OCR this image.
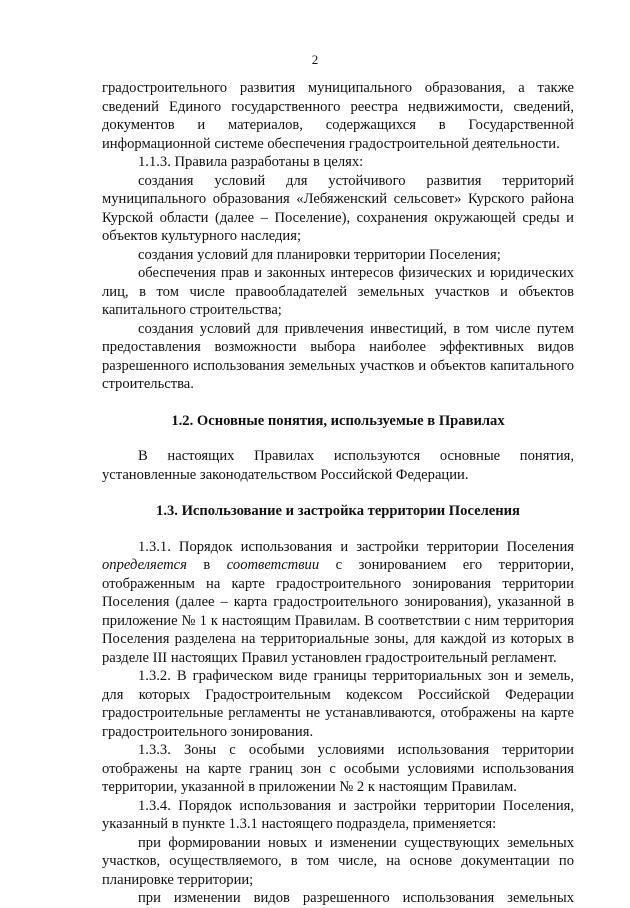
2

градостроительного развития муниципального образования, а также сведений Единого государственного реестра недвижимости, сведений, документов и материалов, содержащихся в Государственной информационной системе обеспечения градостроительной деятельности.

1.1.3. Правила разработаны в целях:

создания условий для устойчивого развития территорий муниципального образования «Лебяженский сельсовет» Курского района Курской области (далее – Поселение), сохранения окружающей среды и объектов культурного наследия;

создания условий для планировки территории Поселения;

обеспечения прав и законных интересов физических и юридических лиц, в том числе правообладателей земельных участков и объектов капитального строительства;

создания условий для привлечения инвестиций, в том числе путем предоставления возможности выбора наиболее эффективных видов разрешенного использования земельных участков и объектов капитального строительства.

1.2. Основные понятия, используемые в Правилах

В настоящих Правилах используются основные понятия, установленные законодательством Российской Федерации.

1.3. Использование и застройка территории Поселения

1.3.1. Порядок использования и застройки территории Поселения определяется в соответствии с зонированием его территории, отображенным на карте градостроительного зонирования территории Поселения (далее – карта градостроительного зонирования), указанной в приложение № 1 к настоящим Правилам. В соответствии с ним территория Поселения разделена на территориальные зоны, для каждой из которых в разделе III настоящих Правил установлен градостроительный регламент.

1.3.2. В графическом виде границы территориальных зон и земель, для которых Градостроительным кодексом Российской Федерации градостроительные регламенты не устанавливаются, отображены на карте градостроительного зонирования.

1.3.3. Зоны с особыми условиями использования территории отображены на карте границ зон с особыми условиями использования территории, указанной в приложении № 2 к настоящим Правилам.

1.3.4. Порядок использования и застройки территории Поселения, указанный в пункте 1.3.1 настоящего подраздела, применяется:

при формировании новых и изменении существующих земельных участков, осуществляемого, в том числе, на основе документации по планировке территории;

при изменении видов разрешенного использования земельных
